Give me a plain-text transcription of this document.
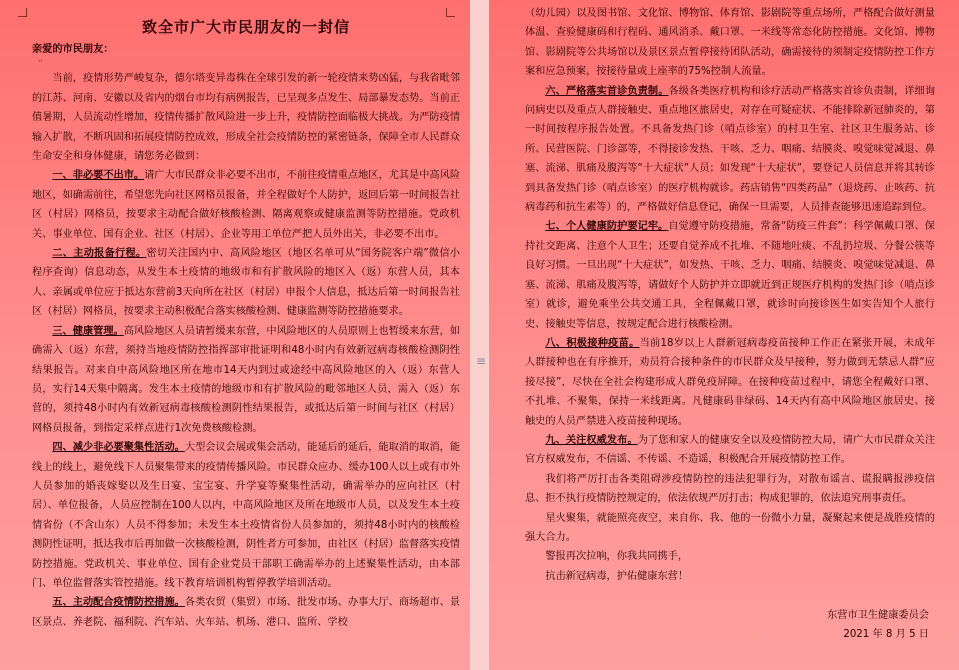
致全市广大市民朋友的一封信
亲爱的市民朋友：
“

当前，疫情形势严峻复杂，德尔塔变异毒株在全球引发的新一轮疫情来势凶猛，与我省毗邻的江苏、河南、安徽以及省内的烟台市均有病例报告，已呈现多点发生、局部暴发态势。当前正值暑期，人员流动性增加，疫情传播扩散风险进一步上升，疫情防控面临极大挑战。为严防疫情输入扩散，不断巩固和拓展疫情防控成效，形成全社会疫情防控的紧密链条，保障全市人民群众生命安全和身体健康，请您务必做到：

一、非必要不出市。请广大市民群众非必要不出市，不前往疫情重点地区，尤其是中高风险地区，如确需前往，希望您先向社区网格员报备，并全程做好个人防护，返回后第一时间报告社区（村居）网格员，按要求主动配合做好核酸检测、隔离观察或健康监测等防控措施。党政机关、事业单位、国有企业、社区（村居）、企业等用工单位严把人员外出关，非必要不出市。

二、主动报备行程。密切关注国内中、高风险地区（地区名单可从“国务院客户端”微信小程序查询）信息动态，从发生本土疫情的地级市和有扩散风险的地区入（返）东营人员，其本人、亲属或单位应于抵达东营前3天向所在社区（村居）申报个人信息，抵达后第一时间报告社区（村居）网格员，按要求主动积极配合落实核酸检测、健康监测等防控措施要求。

三、健康管理。高风险地区人员请暂缓来东营，中风险地区的人员原则上也暂缓来东营，如确需入（返）东营，须持当地疫情防控指挥部审批证明和48小时内有效新冠病毒核酸检测阴性结果报告。对来自中高风险地区所在地市14天内到过或途经中高风险地区的入（返）东营人员，实行14天集中隔离。发生本土疫情的地级市和有扩散风险的毗邻地区人员，需入（返）东营的，须持48小时内有效新冠病毒核酸检测阴性结果报告，或抵达后第一时间与社区（村居）网格员报备，到指定采样点进行1次免费核酸检测。

四、减少非必要聚集性活动。大型会议会展或集会活动，能延后的延后，能取消的取消，能线上的线上，避免线下人员聚集带来的疫情传播风险。市民群众应办、缓办100人以上或有市外人员参加的婚丧嫁娶以及生日宴、宝宝宴、升学宴等聚集性活动，确需举办的应向社区（村居）、单位报备，人员应控制在100人以内，中高风险地区及所在地级市人员，以及发生本土疫情省份（不含山东）人员不得参加；未发生本土疫情省份人员参加的，须持48小时内的核酸检测阴性证明，抵达我市后再加做一次核酸检测，阴性者方可参加，由社区（村居）监督落实疫情防控措施。党政机关、事业单位、国有企业党员干部职工确需举办的上述聚集性活动，由本部门、单位监督落实管控措施。线下教育培训机构暂停教学培训活动。

五、主动配合疫情防控措施。各类农贸（集贸）市场、批发市场、办事大厅、商场超市、景区景点、养老院、福利院、汽车站、火车站、机场、港口、监所、学校

≡

（幼儿园）以及图书馆、文化馆、博物馆、体育馆、影剧院等重点场所，严格配合做好测量体温、查验健康码和行程码、通风消杀、戴口罩、一米线等常态化防控措施。文化馆、博物馆、影剧院等公共场馆以及景区景点暂停接待团队活动，确需接待的须制定疫情防控工作方案和应急预案，按接待量或上座率的75%控制人流量。

六、严格落实首诊负责制。各级各类医疗机构和诊疗活动严格落实首诊负责制，详细询问病史以及重点人群接触史、重点地区旅居史，对存在可疑症状、不能排除新冠肺炎的，第一时间按程序报告处置。不具备发热门诊（哨点诊室）的村卫生室、社区卫生服务站、诊所、民营医院、门诊部等，不得接诊发热、干咳、乏力、咽痛、结膜炎、嗅觉味觉减退、鼻塞、流涕、肌痛及腹泻等“十大症状”人员；如发现“十大症状”，要登记人员信息并将其转诊到具备发热门诊（哨点诊室）的医疗机构就诊。药店销售“四类药品”（退烧药、止咳药、抗病毒药和抗生素等）的，严格做好信息登记，确保一旦需要，人员排查能够迅速追踪到位。

七、个人健康防护要记牢。自觉遵守防疫措施，常备“防疫三件套”：科学佩戴口罩、保持社交距离、注意个人卫生；还要自觉养成不扎堆、不随地吐痰、不乱扔垃圾、分餐公筷等良好习惯。一旦出现“十大症状”，如发热、干咳、乏力、咽痛、结膜炎、嗅觉味觉减退、鼻塞、流涕、肌痛及腹泻等，请做好个人防护并立即就近到正规医疗机构的发热门诊（哨点诊室）就诊，避免乘坐公共交通工具，全程佩戴口罩，就诊时向接诊医生如实告知个人旅行史、接触史等信息，按规定配合进行核酸检测。

八、积极接种疫苗。当前18岁以上人群新冠病毒疫苗接种工作正在紧张开展，未成年人群接种也在有序推开，劝员符合接种条件的市民群众及早接种，努力做到无禁忌人群“应接尽接”，尽快在全社会构建形成人群免疫屏障。在接种疫苗过程中，请您全程戴好口罩、不扎堆、不聚集，保持一米线距离。凡健康码非绿码、14天内有高中风险地区旅居史、接触史的人员严禁进入疫苗接种现场。

九、关注权威发布。为了您和家人的健康安全以及疫情防控大局，请广大市民群众关注官方权威发布，不信谣、不传谣、不造谣，积极配合开展疫情防控工作。

我们将严厉打击各类阻碍涉疫情防控的违法犯罪行为，对散布谣言、谎报瞒报涉疫信息、拒不执行疫情防控规定的，依法依规严厉打击；构成犯罪的，依法追究刑事责任。

星火聚集，就能照亮夜空，来自你、我、他的一份微小力量，凝聚起来便是战胜疫情的强大合力。

警报再次拉响，你我共同携手，

抗击新冠病毒，护佑健康东营！

东营市卫生健康委员会
2021 年 8 月 5 日
